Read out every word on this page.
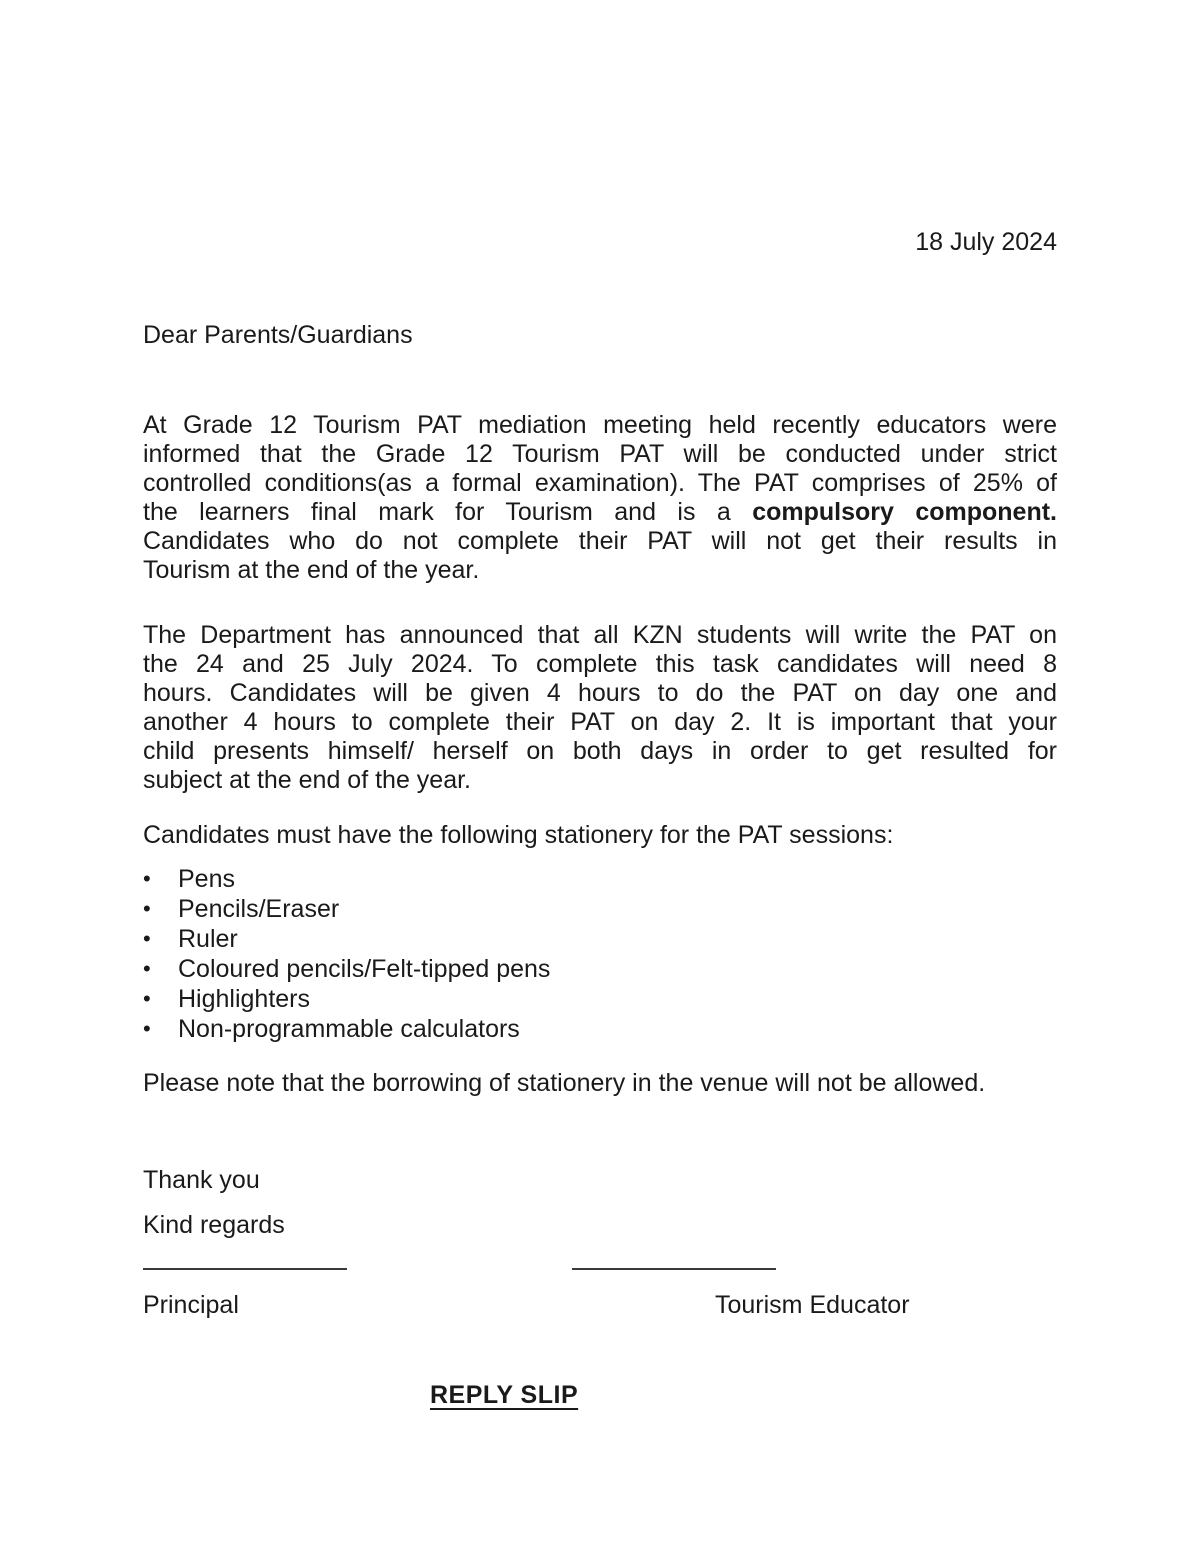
18 July 2024
Dear Parents/Guardians
At Grade 12 Tourism PAT mediation meeting held recently educators were
informed that the Grade 12 Tourism PAT will be conducted under strict
controlled conditions(as a formal examination). The PAT comprises of 25% of
the learners final mark for Tourism and is a compulsory component.
Candidates who do not complete their PAT will not get their results in
Tourism at the end of the year.
The Department has announced that all KZN students will write the PAT on
the 24 and 25 July 2024. To complete this task candidates will need 8
hours. Candidates will be given 4 hours to do the PAT on day one and
another 4 hours to complete their PAT on day 2. It is important that your
child presents himself/ herself on both days in order to get resulted for
subject at the end of the year.
Candidates must have the following stationery for the PAT sessions:
•	Pens
•	Pencils/Eraser
•	Ruler
•	Coloured pencils/Felt-tipped pens
•	Highlighters
•	Non-programmable calculators
Please note that the borrowing of stationery in the venue will not be allowed.
Thank you
Kind regards
Principal	Tourism Educator
REPLY SLIP
